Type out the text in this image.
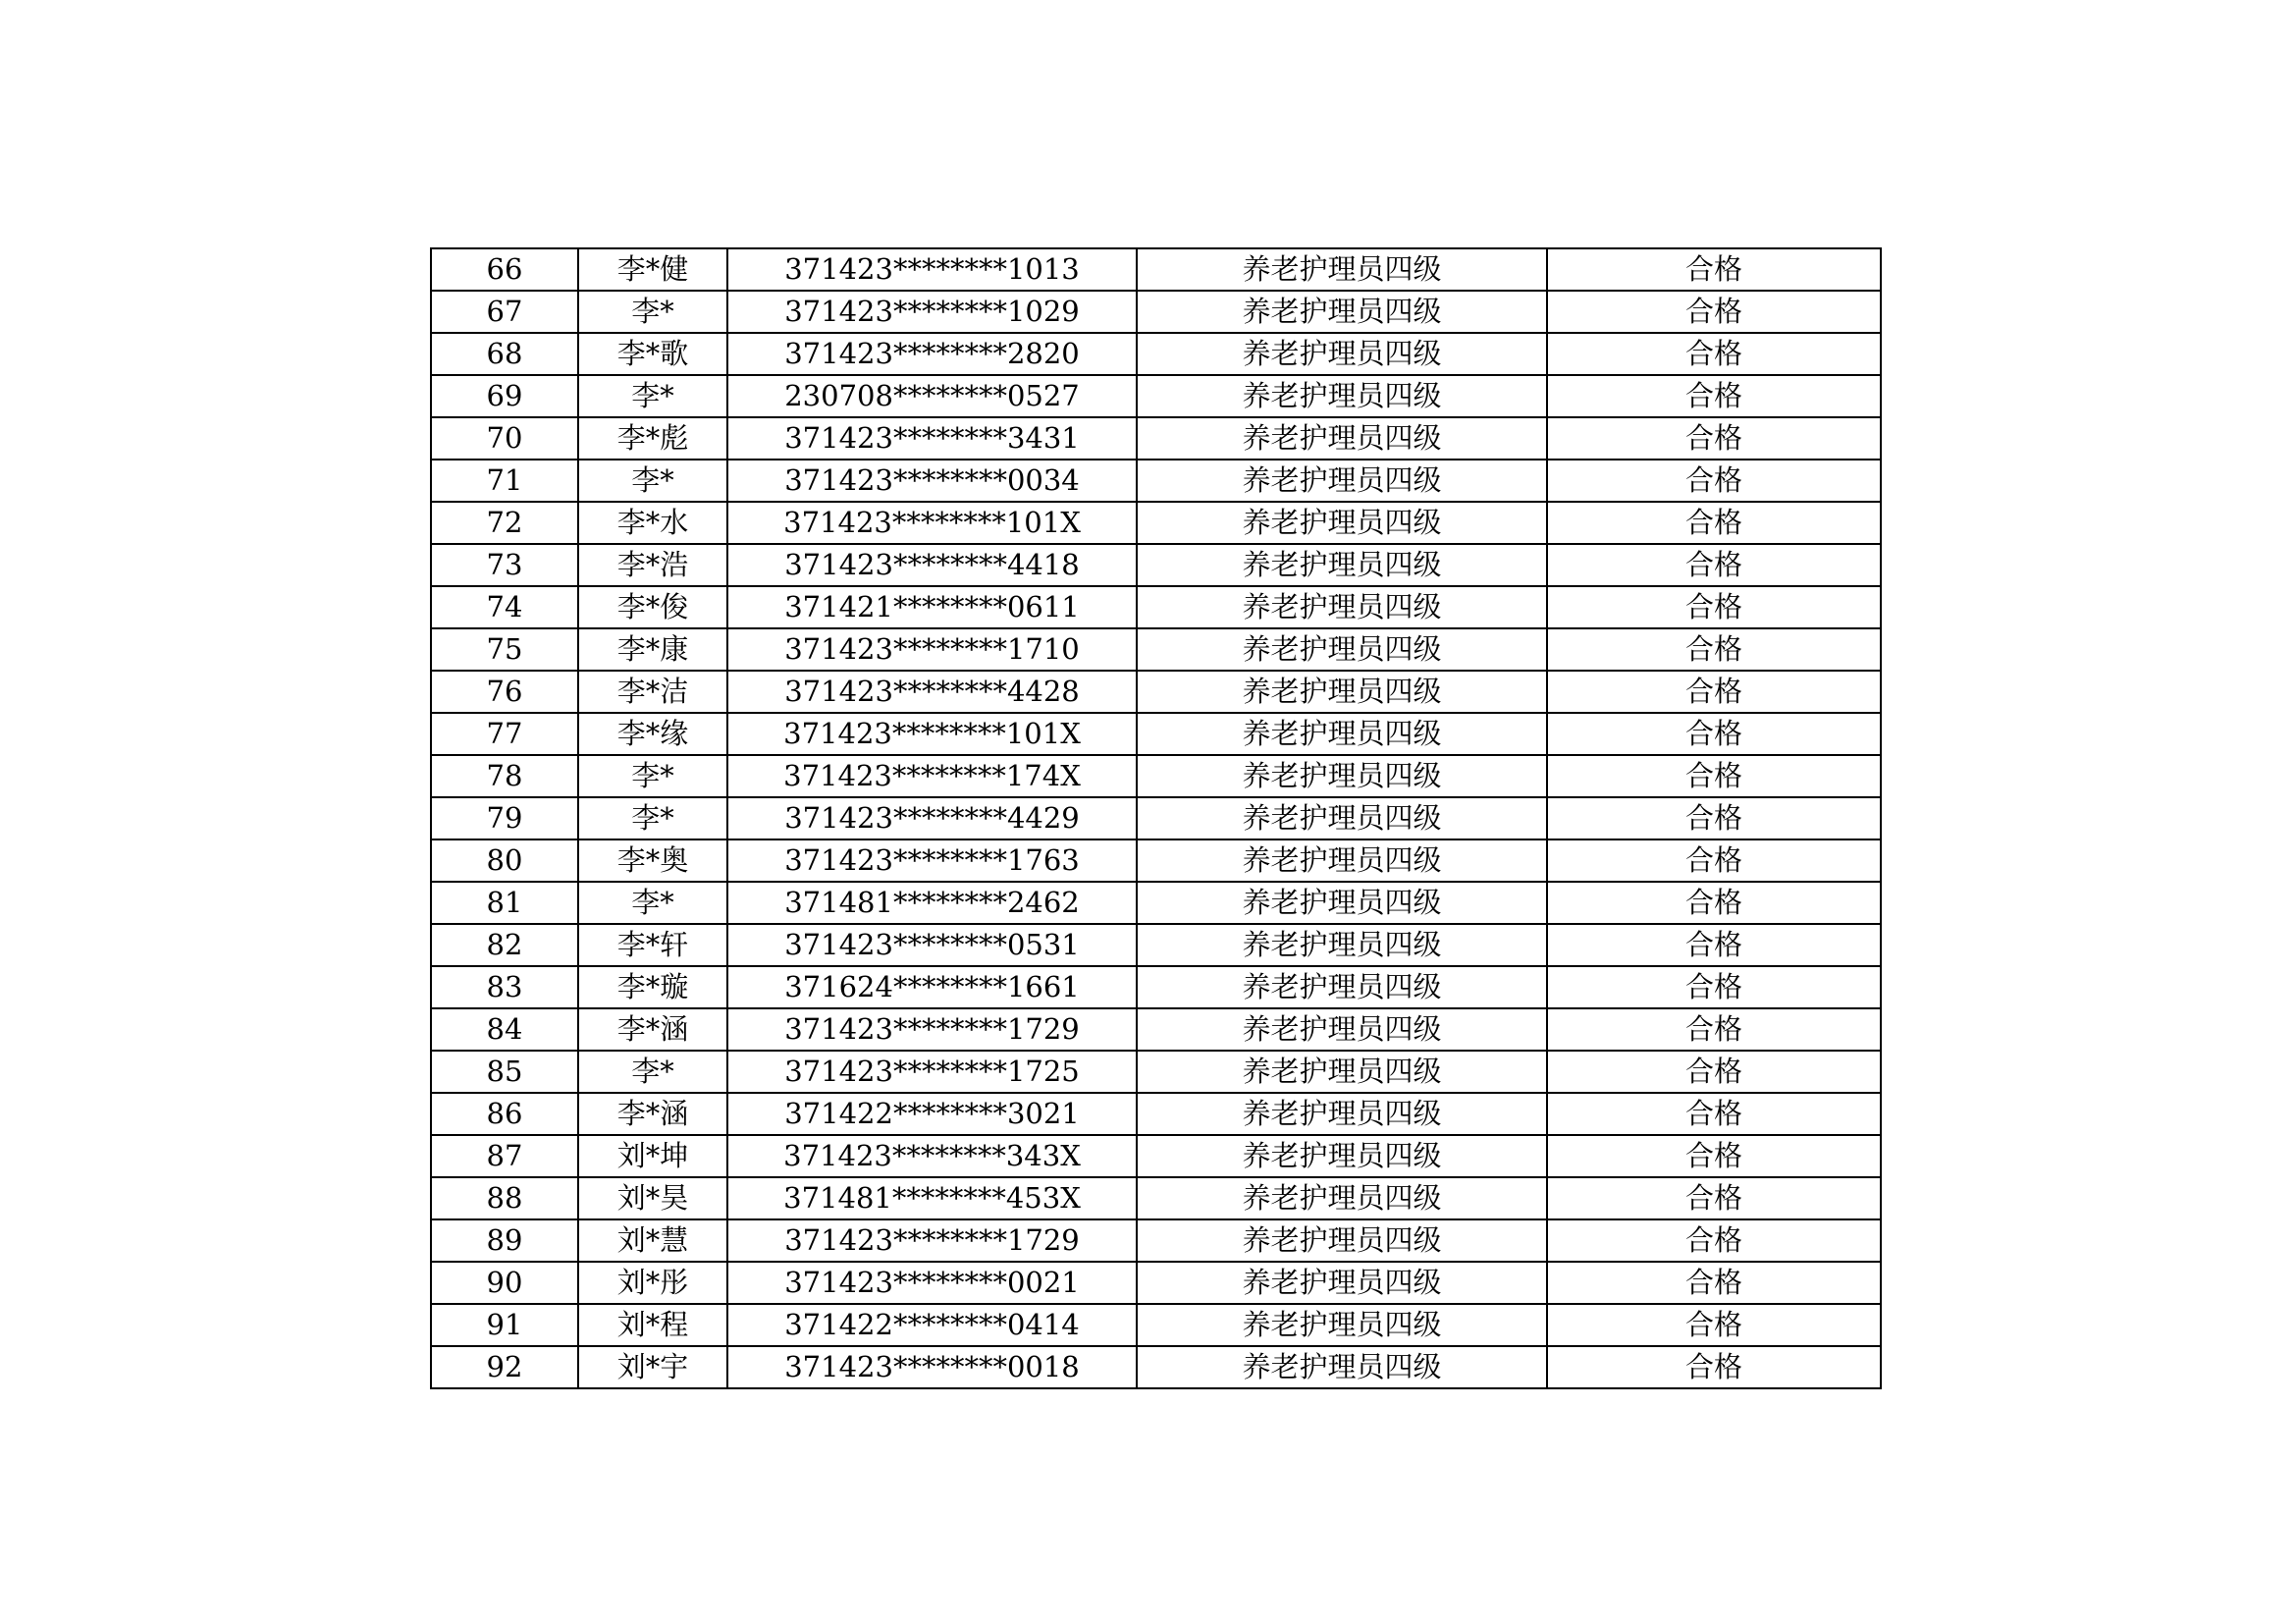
66	李*健	371423********1013	养老护理员四级	合格
67	李*	371423********1029	养老护理员四级	合格
68	李*歌	371423********2820	养老护理员四级	合格
69	李*	230708********0527	养老护理员四级	合格
70	李*彪	371423********3431	养老护理员四级	合格
71	李*	371423********0034	养老护理员四级	合格
72	李*水	371423********101X	养老护理员四级	合格
73	李*浩	371423********4418	养老护理员四级	合格
74	李*俊	371421********0611	养老护理员四级	合格
75	李*康	371423********1710	养老护理员四级	合格
76	李*洁	371423********4428	养老护理员四级	合格
77	李*缘	371423********101X	养老护理员四级	合格
78	李*	371423********174X	养老护理员四级	合格
79	李*	371423********4429	养老护理员四级	合格
80	李*奥	371423********1763	养老护理员四级	合格
81	李*	371481********2462	养老护理员四级	合格
82	李*轩	371423********0531	养老护理员四级	合格
83	李*璇	371624********1661	养老护理员四级	合格
84	李*涵	371423********1729	养老护理员四级	合格
85	李*	371423********1725	养老护理员四级	合格
86	李*涵	371422********3021	养老护理员四级	合格
87	刘*坤	371423********343X	养老护理员四级	合格
88	刘*昊	371481********453X	养老护理员四级	合格
89	刘*慧	371423********1729	养老护理员四级	合格
90	刘*彤	371423********0021	养老护理员四级	合格
91	刘*程	371422********0414	养老护理员四级	合格
92	刘*宇	371423********0018	养老护理员四级	合格
